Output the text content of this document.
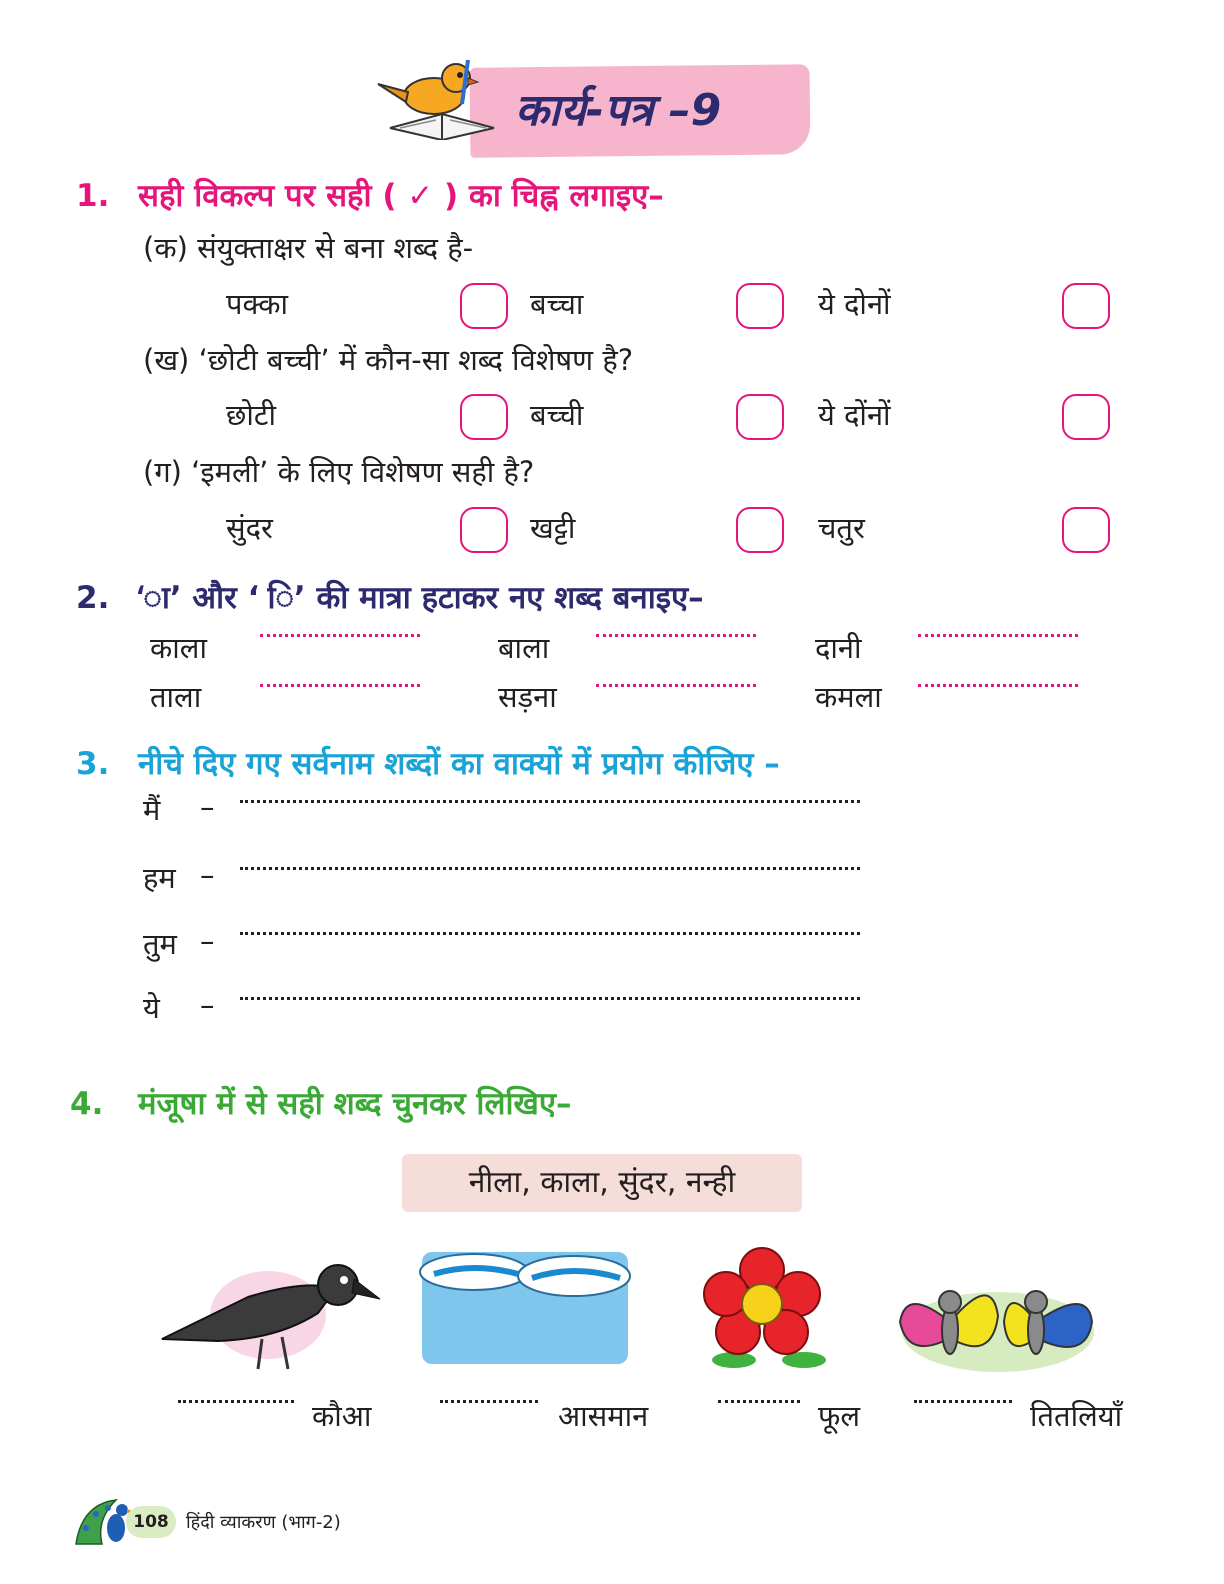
कार्य-पत्र –9
1. सही विकल्प पर सही ( ✓ ) का चिह्न लगाइए–
(क) संयुक्ताक्षर से बना शब्द है-
पक्का	बच्चा	ये दोनों
(ख) ‘छोटी बच्ची’ में कौन-सा शब्द विशेषण है?
छोटी	बच्ची	ये दोंनों
(ग) ‘इमली’ के लिए विशेषण सही है?
सुंदर	खट्टी	चतुर
2. ‘ा’ और ‘ ि’ की मात्रा हटाकर नए शब्द बनाइए–
काला	बाला	दानी
ताला	सड़ना	कमला
3. नीचे दिए गए सर्वनाम शब्दों का वाक्यों में प्रयोग कीजिए –
मैं –
हम –
तुम –
ये –
4. मंजूषा में से सही शब्द चुनकर लिखिए–
नीला, काला, सुंदर, नन्ही
कौआ	आसमान	फूल	तितलियाँ
108 हिंदी व्याकरण (भाग-2)
